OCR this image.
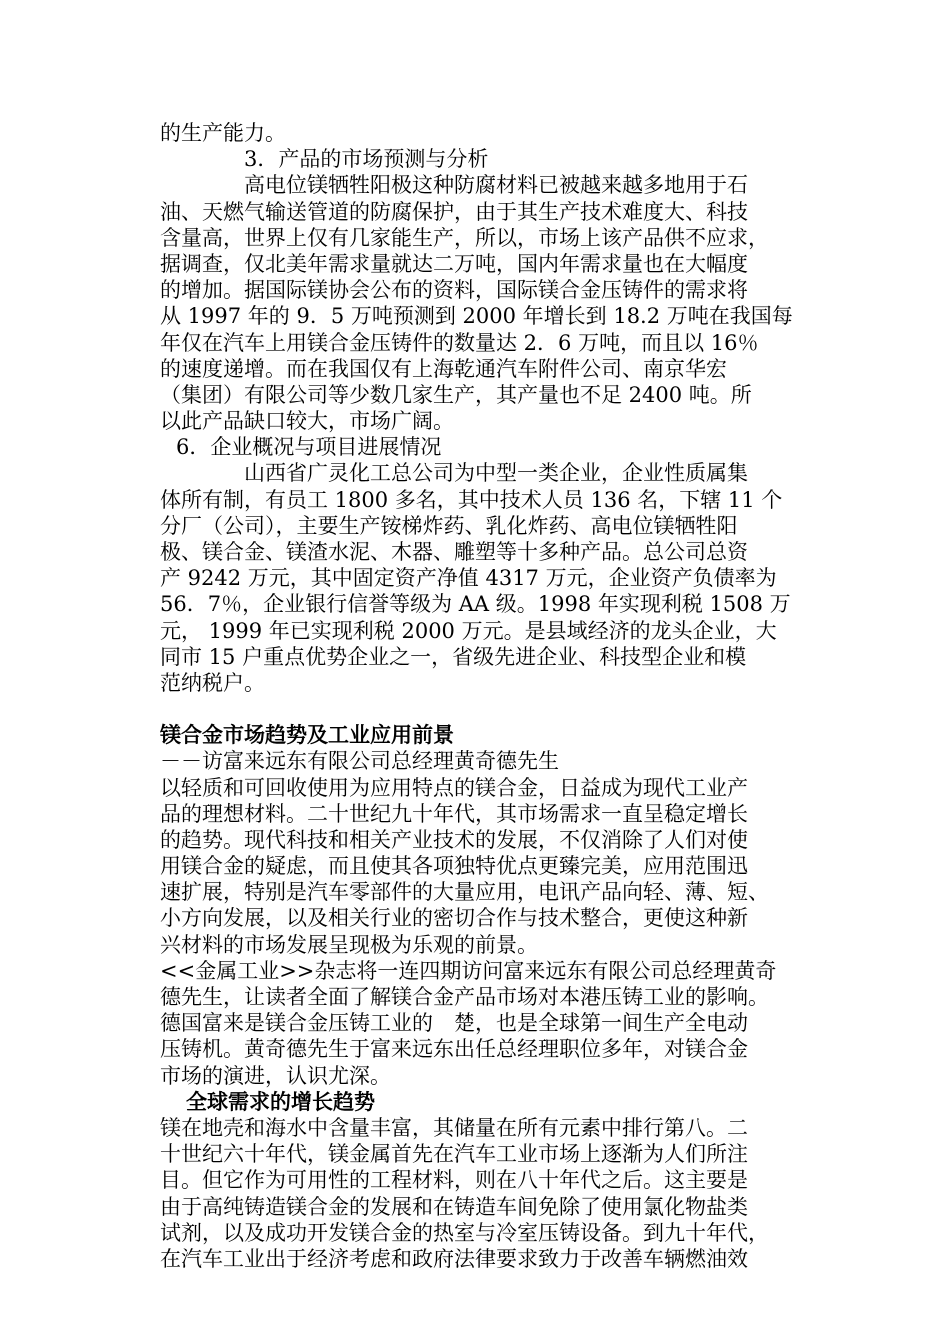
的生产能力。
3．产品的市场预测与分析
高电位镁牺牲阳极这种防腐材料已被越来越多地用于石
油、天燃气输送管道的防腐保护，由于其生产技术难度大、科技
含量高，世界上仅有几家能生产，所以，市场上该产品供不应求，
据调查，仅北美年需求量就达二万吨，国内年需求量也在大幅度
的增加。据国际镁协会公布的资料，国际镁合金压铸件的需求将
从 1997 年的 9．5 万吨预测到 2000 年增长到 18.2 万吨在我国每
年仅在汽车上用镁合金压铸件的数量达 2．6 万吨，而且以 16％
的速度递增。而在我国仅有上海乾通汽车附件公司、南京华宏
（集团）有限公司等少数几家生产，其产量也不足 2400 吨。所
以此产品缺口较大，市场广阔。
6．企业概况与项目进展情况
山西省广灵化工总公司为中型一类企业，企业性质属集
体所有制，有员工 1800 多名，其中技术人员 136 名，下辖 11 个
分厂（公司），主要生产铵梯炸药、乳化炸药、高电位镁牺牲阳
极、镁合金、镁渣水泥、木器、雕塑等十多种产品。总公司总资
产 9242 万元，其中固定资产净值 4317 万元，企业资产负债率为
56．7％，企业银行信誉等级为 AA 级。1998 年实现利税 1508 万
元， 1999 年已实现利税 2000 万元。是县域经济的龙头企业，大
同市 15 户重点优势企业之一，省级先进企业、科技型企业和模
范纳税户。
镁合金市场趋势及工业应用前景
－－访富来远东有限公司总经理黄奇德先生
以轻质和可回收使用为应用特点的镁合金，日益成为现代工业产
品的理想材料。二十世纪九十年代，其市场需求一直呈稳定增长
的趋势。现代科技和相关产业技术的发展，不仅消除了人们对使
用镁合金的疑虑，而且使其各项独特优点更臻完美，应用范围迅
速扩展，特别是汽车零部件的大量应用，电讯产品向轻、薄、短、
小方向发展，以及相关行业的密切合作与技术整合，更使这种新
兴材料的市场发展呈现极为乐观的前景。
<<金属工业>>杂志将一连四期访问富来远东有限公司总经理黄奇
德先生，让读者全面了解镁合金产品市场对本港压铸工业的影响。
德国富来是镁合金压铸工业的　楚，也是全球第一间生产全电动
压铸机。黄奇德先生于富来远东出任总经理职位多年，对镁合金
市场的演进，认识尤深。
全球需求的增长趋势
镁在地壳和海水中含量丰富，其储量在所有元素中排行第八。二
十世纪六十年代，镁金属首先在汽车工业市场上逐渐为人们所注
目。但它作为可用性的工程材料，则在八十年代之后。这主要是
由于高纯铸造镁合金的发展和在铸造车间免除了使用氯化物盐类
试剂，以及成功开发镁合金的热室与冷室压铸设备。到九十年代，
在汽车工业出于经济考虑和政府法律要求致力于改善车辆燃油效
